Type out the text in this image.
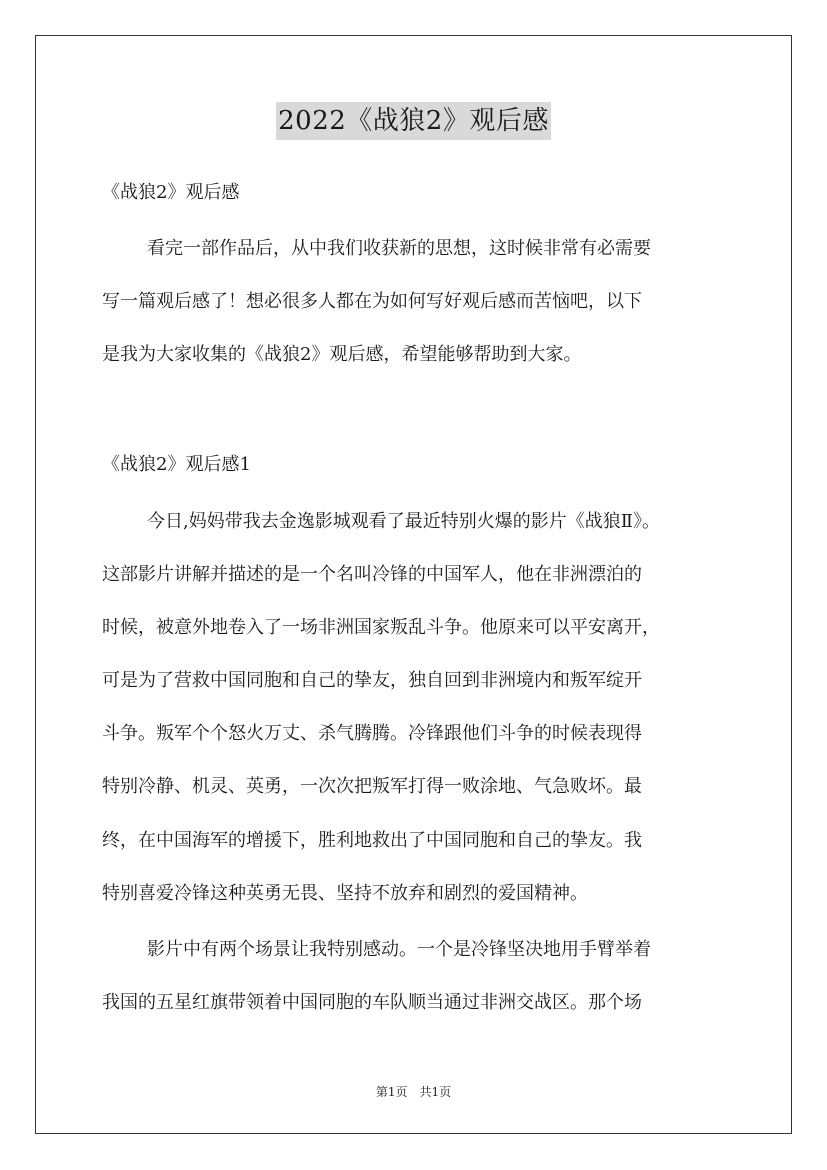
2022《战狼2》观后感
《战狼2》观后感
看完一部作品后，从中我们收获新的思想，这时候非常有必需要
写一篇观后感了！想必很多人都在为如何写好观后感而苦恼吧，以下
是我为大家收集的《战狼2》观后感，希望能够帮助到大家。
《战狼2》观后感1
今日,妈妈带我去金逸影城观看了最近特别火爆的影片《战狼Ⅱ》。
这部影片讲解并描述的是一个名叫冷锋的中国军人，他在非洲漂泊的
时候，被意外地卷入了一场非洲国家叛乱斗争。他原来可以平安离开，
可是为了营救中国同胞和自己的挚友，独自回到非洲境内和叛军绽开
斗争。叛军个个怒火万丈、杀气腾腾。冷锋跟他们斗争的时候表现得
特别冷静、机灵、英勇，一次次把叛军打得一败涂地、气急败坏。最
终，在中国海军的增援下，胜利地救出了中国同胞和自己的挚友。我
特别喜爱冷锋这种英勇无畏、坚持不放弃和剧烈的爱国精神。
影片中有两个场景让我特别感动。一个是冷锋坚决地用手臂举着
我国的五星红旗带领着中国同胞的车队顺当通过非洲交战区。那个场
第1页　共1页
